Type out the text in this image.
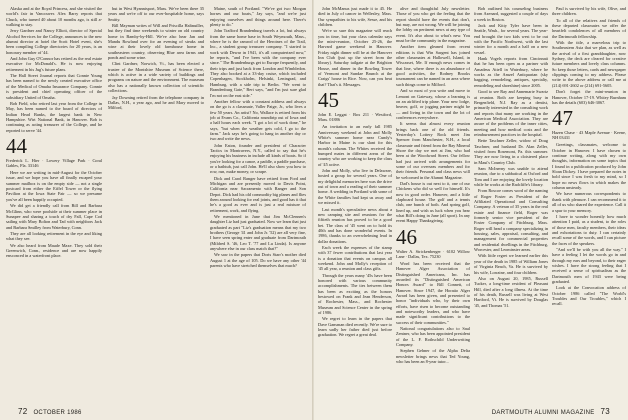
Alaska and at the Royal Princess, and she visited the world's fair in Vancouver. Alex Barry reports that Chuck, who turned 40 about 10 months ago, is still a-walking to stay.

Jerry Gardner and Nancy Elliott, director of Special Alcohol Services for the College, announces to the new alumni director at hotel the Scott Hotel event, she's been compiling College directories for 20 years, is an honorary member of '44.

And John Guy O'Connor has retired as the real estate executive for McDonald's. He is now enjoying retirement in his Jug's future plans.

The Hall Street Journal reports that Connie Young has been named to the newly created executive office of the Medical of Omaha Insurance Company. Connie is president and chief operating officer of the subsidiary United of Omaha.

Bob Field, who retired last year from the College in May, has been named to the board of directors of Indian Head Banks, the largest bank in New Hampshire. Wirt National Bank, in Hanover. Bob is continuing as acting treasurer of the College, and he reported to serve '44.

44
Frederick L. Hier · Lowery Village Park · Coral Gables, Fla. 33146

Here we are writing in mid-August for the October issue, and we hope you have all finally escaped your summer mailbox is on the empty side — not a single postcard from either the Eiffel Tower or the flying Pavilion at the Iowa State Fair — so we presume you've all been happily occupied.

We did get a friendly call from Bill and Barbara McGlinn, who were poolside at their summer place in Sunapee and sharing a touch of dry Fall, Cape Cod sailing with Mary Bolton and Tad with neighbors Jack and Barbara Smilley from Waterbury, Conn.

They are all looking retirement in the eye and liking what they see.

We also heard from Maude Maxe. They sold their Greenwich, Conn., residence and are now happily ensconced in a waterfront place.

but in West Hyannisport, Mass. We've been there 35 years and we're off to our ever-hospitable home, says Smitty.

Bill Mayman writes of Will and Priscilla Haltnuiller, but they find time weekends to winter on old country home in Bamby-by-Hill. We've also hear Jan and Mandu Rowland over for an evening of steaks and wine at their lovely old farmhouse home in southeastern country, observing Blue area farms and ponds and some wine.

Clint Gardner, Norwich, Vt., has been elected a trustee of the Montshire Museum of Science there, which is active in a wide variety of buildings and programs on nature and the environment. The museum also has a nationally known collection of scientific collections.

Jay Downing retired from the telephone company in Dallas, N.H., a year ago, and he and Mary moved to Milford,

Maine, south of Portland. "We've got two Morgan horses and our boats," Jay says, "and we're just enjoying ourselves and things around here. There's plenty to do."

John Trafford Brandenburg travels a lot, but always from the same home base in South Weymouth, Mass., where he is the ramrod of the Heroines of the Trail, Inc., a student group treasurer company. "I started to work with Dewar in 1941, it's all computerized now," he reports, "and I've been with the company ever since." The Brandenburgs get to Europe frequently, and their trips and just back from London and Wimbledon. They also booked at a 33-day cruise, which included Copenhagen, Stockholm, Helsinki, Leningrad, and Hamburg, with a side trip to Berlin. "We went to Brandenburg Gate," Bert says, "and I'm just sure glad I'm not on the east side."

Another fellow with a constant address and always on the go is a classmate, Valler Paige, Jr., who lives a few 50 years. An artist? No, Wallace is retired from his job at Evans Co., California roundtrip out of Iowa and a half hours each week. "I got a lot of work done," he says, "but when the weather gets cold, I go to the farm." Jack says he's going to hang in another day or two and write the news.

John Eaton, founder and president of Character Tactics in Montravers, N.Y., called to say that he's enjoying his business in include all kinds of boats. So if you're looking for a canoe, a paddle, a paddle purchase, or a bathtub, just call John. He'll also show you how to row, run, make money, or scrape.

Dick and Carol Ranger have retired from Ford and Michigan and are presently moved to Davis Point, California near Sacramento with Ranger and Son Depot. Dick had his old commodity big planes and flies them around looking for real joints, and good has it that he's a good as ever and is just a real mixture of retirement, work, and flying.

We mentioned in June that Jim McClennen's daughter Liz had just graduated. Now we learn that just graduated as part "Liz's graduation means that my two brothers (George '41 and John Jr. '52) are all very fine, I have seen spring enter and graduate from Dartmouth (Mildred S. '46, Leo T. '77 and Lu Linda). Is anyone anywhere else in our class match that?"

We saw in the papers that Doris Starr's mother died August 1 at the age of 105. Do we have any other '44 parents who have stretched themselves that much?

72 OCTOBER 1986

John McManus just made it to 45. He died in July of cancer in Wellesley, Mass. Our sympathies to his wife, Sesse, and his children.

We're so sure this magazine will reach you in time, but your class calendar says the mini-reunion, October 25-26, the Harvard game weekend in Hanover. Friday night dinner will be at the Hanover Inn Club (just up the street from the library). Saturday tailgate at the Brighton House, and dinner in the Bowling Tower of Vermont and Sundae Brunch at the Craigs' house in Rice. Now, can you beat that? That's it. Messages.

45
John E. Leggat · Box 211 · Westford, Mass. 01886

An invitation to an early fall 1985 Anniversary weekend at John and Molly White's summer home near Cundy's Harbor in Maine is our slant for this month's column. The Whites received the bumped mates in different areas of the country who are working to keep the class of '45 active.

John and Molly, who live in Delaware, hosted a group for several years. One of my delightful memories here was the drive out of town and a reading of their summer home. A wedding in Portland with some of the White families had kept us away and we missed it.

Last month's speculative news about a new camping site and reunions for the fiftieth reunion has proved to be a good bet. The class of '45 went on to hold its 40th and has done wonderful events. In 1986, thanks to an overwhelming lead in dollar donations.

Each week the expenses of the stamp with 37 fewer contributions that last year is a donation that events on campus all weekend. John and Molly's reception of '45 all year, a reunion and class gifts.

Through the years many '45s have been honored with various community accomplishments. The ties between them has been as exciting as the honors bestowed on Frank and Jean Henderson, of Rochester, Mass., and Rochester Museum and Science Center in the spring of 1986.

We regret to learn in the papers that Dave Gansman died recently. We're sure to learn sadly her father died just before graduation. We regret a great deal.

alive and thoughtful July newsletter. Those of you who get the feeling that the report should have the events that don't, but may, are not wrong. We will be joining the lobby on pertinent news at any type of event. It's also about to what's new. You must be the community in the magazine.

Another item gleaned from recent editions is that Win Sargent has joined other classmates at Hallowell, Island, in Wiscasset, Me. If enough news comes in that line, where there is an abundance of good activities, the Rodney Brooks tournament can be named in an area where such things come to Milford.

And so most of you write and move to Lemont on Gateway, whose a learning is on an airlifted trip plane. Your new lodge, beaver, golf, or jogging partner might be — and living in the town and the lot of conferences everywhere.

It seems that almost every reunion brings back one of the old friends. Yesterday's Lottery Rock meet Jim Spencer from Manchester, N.H., a local classmate and friend from the Bay Mineral Shore the day we met at Jim, who had been at the Woodward Street. Our fellow had just arrived with arrangements for some of our overseas members and for their friends. Personal and class news will be welcomed in the Alumni Magazine.

Dad's house is out next to it, one of our Chickens who did so well for himself. It's now in good order. Hanover, and a little clapboard house. The golf and a tennis club, one bunch of both. And spring golf, lined up, and wish us luck when you hear what Bill's doing in June (all sport). In any event Happy Thanksgiving.

46
Walter A. Strickenberger · 6102 Willow Lane · Dallas, Tex. 75230

Word has been received that the Hanover Alger Association of Distinguished Americans, Inc. has awarded its "Distinguished American Honors Award" to Bill Connett, of Hanover. Since 1947, the Horatio Alger Award has been given, and presented to honor "individuals who, by their own efforts, have risen to become outstanding and noteworthy leaders, and who have made significant contributions to the success of their communities."

National congratulations also to Saul Zentner, who has been appointed president of the L. F. Rothschild Underwriting Company.

Stephen Gehner of the Alpha Delta newsletter brings news that Ted Young, who has been an 8-year tutor...

Bob outlined his counseling business from Azenard, suggested a couple of days a week in Boston.

Jack and Kitty Tyler have been in Seattle, Wash., for several years. The year-end brought the two kids west to be out with the Pacific Northwest, with the last winter for a month and a half on a new vessel.

Hank Vogels reports from Cincinnati that he has been open as a partner with Amadeus Attell in Waterbury, where he works as the Amzel Antiquarian (sky bagging, remodeling, antiques, specialty, remodeling and shoeshine) since 2005.

Good to see Ray and Annemarie Swartz at reunion. Both are keeping busy in Bergenfield, N.J. Ray as a dentist, primarily interested in the consulting work and reports that many are working in the American Medical Association. They are aware of the problems of the inner cities, meeting and how medical costs and the reimbursement practices in the hospital.

Bette Taschner Zeller, widow of Doug Taschner, and husband Dr. Alan Zeller, visited from Rosemont, Pa. this summer. They are now living in a cloistered place in Maui's Country Club.

Sam McInerny was unable to attend reunion, due to a sabbatical at Oxford and Tom and I are enjoying the lovely location while he works at the Radcliffe's library.

From Roscoe comes word of the naming of Roger Foster as President of the Affiliated Operational and Consulting Company. A veteran of 35 years in the real estate and finance field, Roger was formerly senior vice president of the Foster Company of Fitchburg, Mass. Roger will head a company specializing in housing, sales, appraisal, consulting, and management for commercial properties and residential dwellings in the Fitchburg, Worcester, and Leominster areas.

With little regret we learned earlier this year of the death in 1985 of William Jones of Virginia Beach, Va. He is survived by his wife, Lorraine, and four children.

Also on August 20, 1985, Russell Tucker, a long-time resident of Pleasant Hill, died after a long illness. At the time of his death, Russell was living at West Hartford, Vt. He is survived by Douglas '45, and Thomas '51.

Paul is survived by his wife, Olive, and three children.

To all of the relatives and friends of these departed classmates we offer the heartfelt condolences of all members of the Dartmouth fellowship.

With the title, a marvelous trip to Southeastern Asia that we plan, as well as the arrival of a first granddaughter, now Sydney, the deck are cleared for creative future members and lovely class columns. So keep those letters, cards and newspaper clippings coming to my address. Please write to the above address or call me at (214) 691-2602 or (214) 691-5605.

Don't forget the mini-reunion in Hanover, October 17-19. Whitey Burnham has the details (603) 646-3067.

47
Hazen Chase · 43 Maple Avenue · Keene, NH 03431

Greetings, classmates, welcome to October in Hanover. I have chosen to continue writing, along with my own thoughts, information on some topics that I found in a publication produced by John Sloan Dickey. I have prepared the notes in bold since I was fresh to my mind, so I hope no news flows in which makes the column unsteady.

We have numerous correspondents to thank with pleasure. I can recommend it to all of us who shared the experience. Call it a spur to your memory.

I have to wonder honestly how much attention I paid, as a student, to the roles of those men, faculty members, their ideas and exhortations to duty. I can certainly recall some of the words, and I can picture the faces of the speakers.

"And we'll be with you all the way." I have a feeling I let the words go in and through my ears and beyond, to their eager wishes. I have the strong feeling that I received a sense of spiritualism as the Dartmouth men of 1943 were being graduated.

Look at the Convocation address of October 1986 called "The World's Troubles and Our Troubles," which I recall.

DARTMOUTH ALUMNI MAGAZINE 73
